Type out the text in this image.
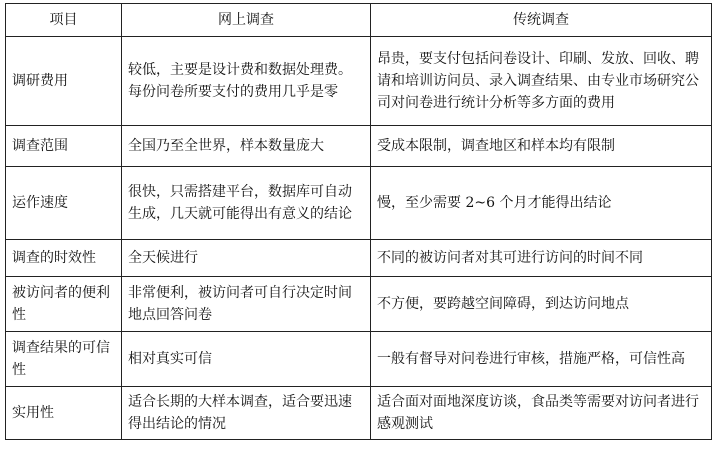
项目	网上调查	传统调查
调研费用	较低，主要是设计费和数据处理费。每份问卷所要支付的费用几乎是零	昂贵，要支付包括问卷设计、印刷、发放、回收、聘请和培训访问员、录入调查结果、由专业市场研究公司对问卷进行统计分析等多方面的费用
调查范围	全国乃至全世界，样本数量庞大	受成本限制，调查地区和样本均有限制
运作速度	很快，只需搭建平台，数据库可自动生成，几天就可能得出有意义的结论	慢，至少需要 2~6 个月才能得出结论
调查的时效性	全天候进行	不同的被访问者对其可进行访问的时间不同
被访问者的便利性	非常便利，被访问者可自行决定时间地点回答问卷	不方便，要跨越空间障碍，到达访问地点
调查结果的可信性	相对真实可信	一般有督导对问卷进行审核，措施严格，可信性高
实用性	适合长期的大样本调查，适合要迅速得出结论的情况	适合面对面地深度访谈，食品类等需要对访问者进行感观测试
